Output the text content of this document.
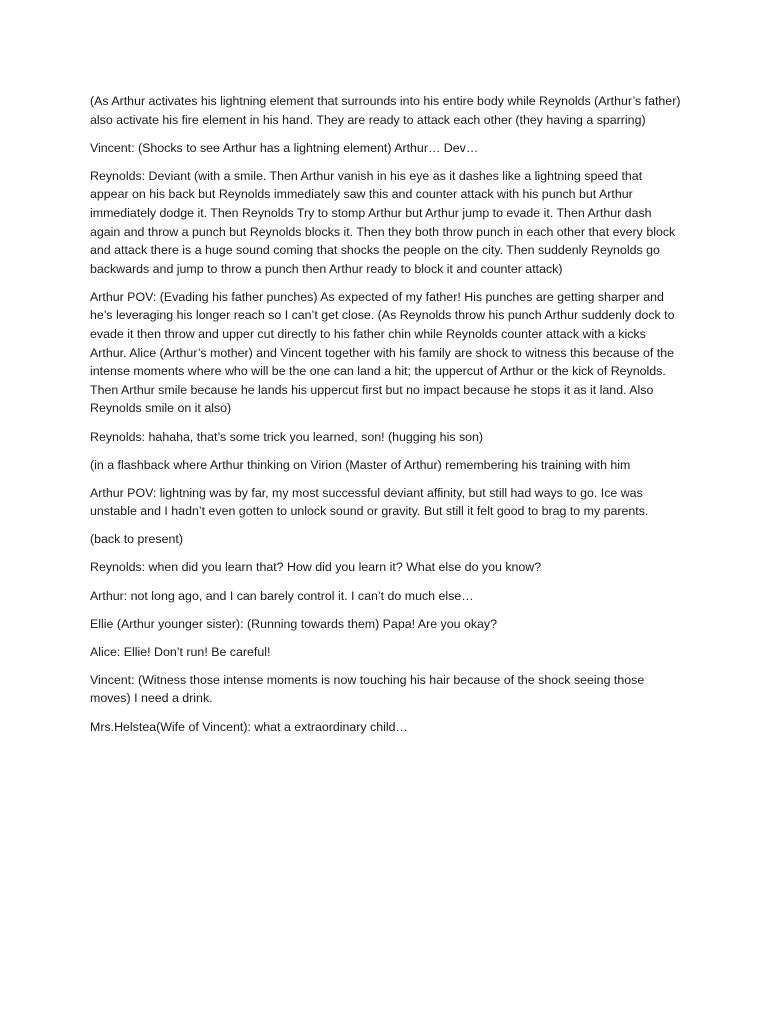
(As Arthur activates his lightning element that surrounds into his entire body while Reynolds (Arthur’s father) also activate his fire element in his hand. They are ready to attack each other (they having a sparring)

Vincent: (Shocks to see Arthur has a lightning element) Arthur… Dev…

Reynolds: Deviant (with a smile. Then Arthur vanish in his eye as it dashes like a lightning speed that appear on his back but Reynolds immediately saw this and counter attack with his punch but Arthur immediately dodge it. Then Reynolds Try to stomp Arthur but Arthur jump to evade it. Then Arthur dash again and throw a punch but Reynolds blocks it. Then they both throw punch in each other that every block and attack there is a huge sound coming that shocks the people on the city. Then suddenly Reynolds go backwards and jump to throw a punch then Arthur ready to block it and counter attack)

Arthur POV: (Evading his father punches) As expected of my father! His punches are getting sharper and he’s leveraging his longer reach so I can’t get close. (As Reynolds throw his punch Arthur suddenly dock to evade it then throw and upper cut directly to his father chin while Reynolds counter attack with a kicks Arthur. Alice (Arthur’s mother) and Vincent together with his family are shock to witness this because of the intense moments where who will be the one can land a hit; the uppercut of Arthur or the kick of Reynolds. Then Arthur smile because he lands his uppercut first but no impact because he stops it as it land. Also Reynolds smile on it also)

Reynolds: hahaha, that’s some trick you learned, son! (hugging his son)

(in a flashback where Arthur thinking on Virion (Master of Arthur) remembering his training with him

Arthur POV: lightning was by far, my most successful deviant affinity, but still had ways to go. Ice was unstable and I hadn’t even gotten to unlock sound or gravity. But still it felt good to brag to my parents.

(back to present)

Reynolds: when did you learn that? How did you learn it? What else do you know?

Arthur: not long ago, and I can barely control it. I can’t do much else…

Ellie (Arthur younger sister): (Running towards them) Papa! Are you okay?

Alice: Ellie! Don’t run! Be careful!

Vincent: (Witness those intense moments is now touching his hair because of the shock seeing those moves) I need a drink.

Mrs.Helstea(Wife of Vincent): what a extraordinary child…
